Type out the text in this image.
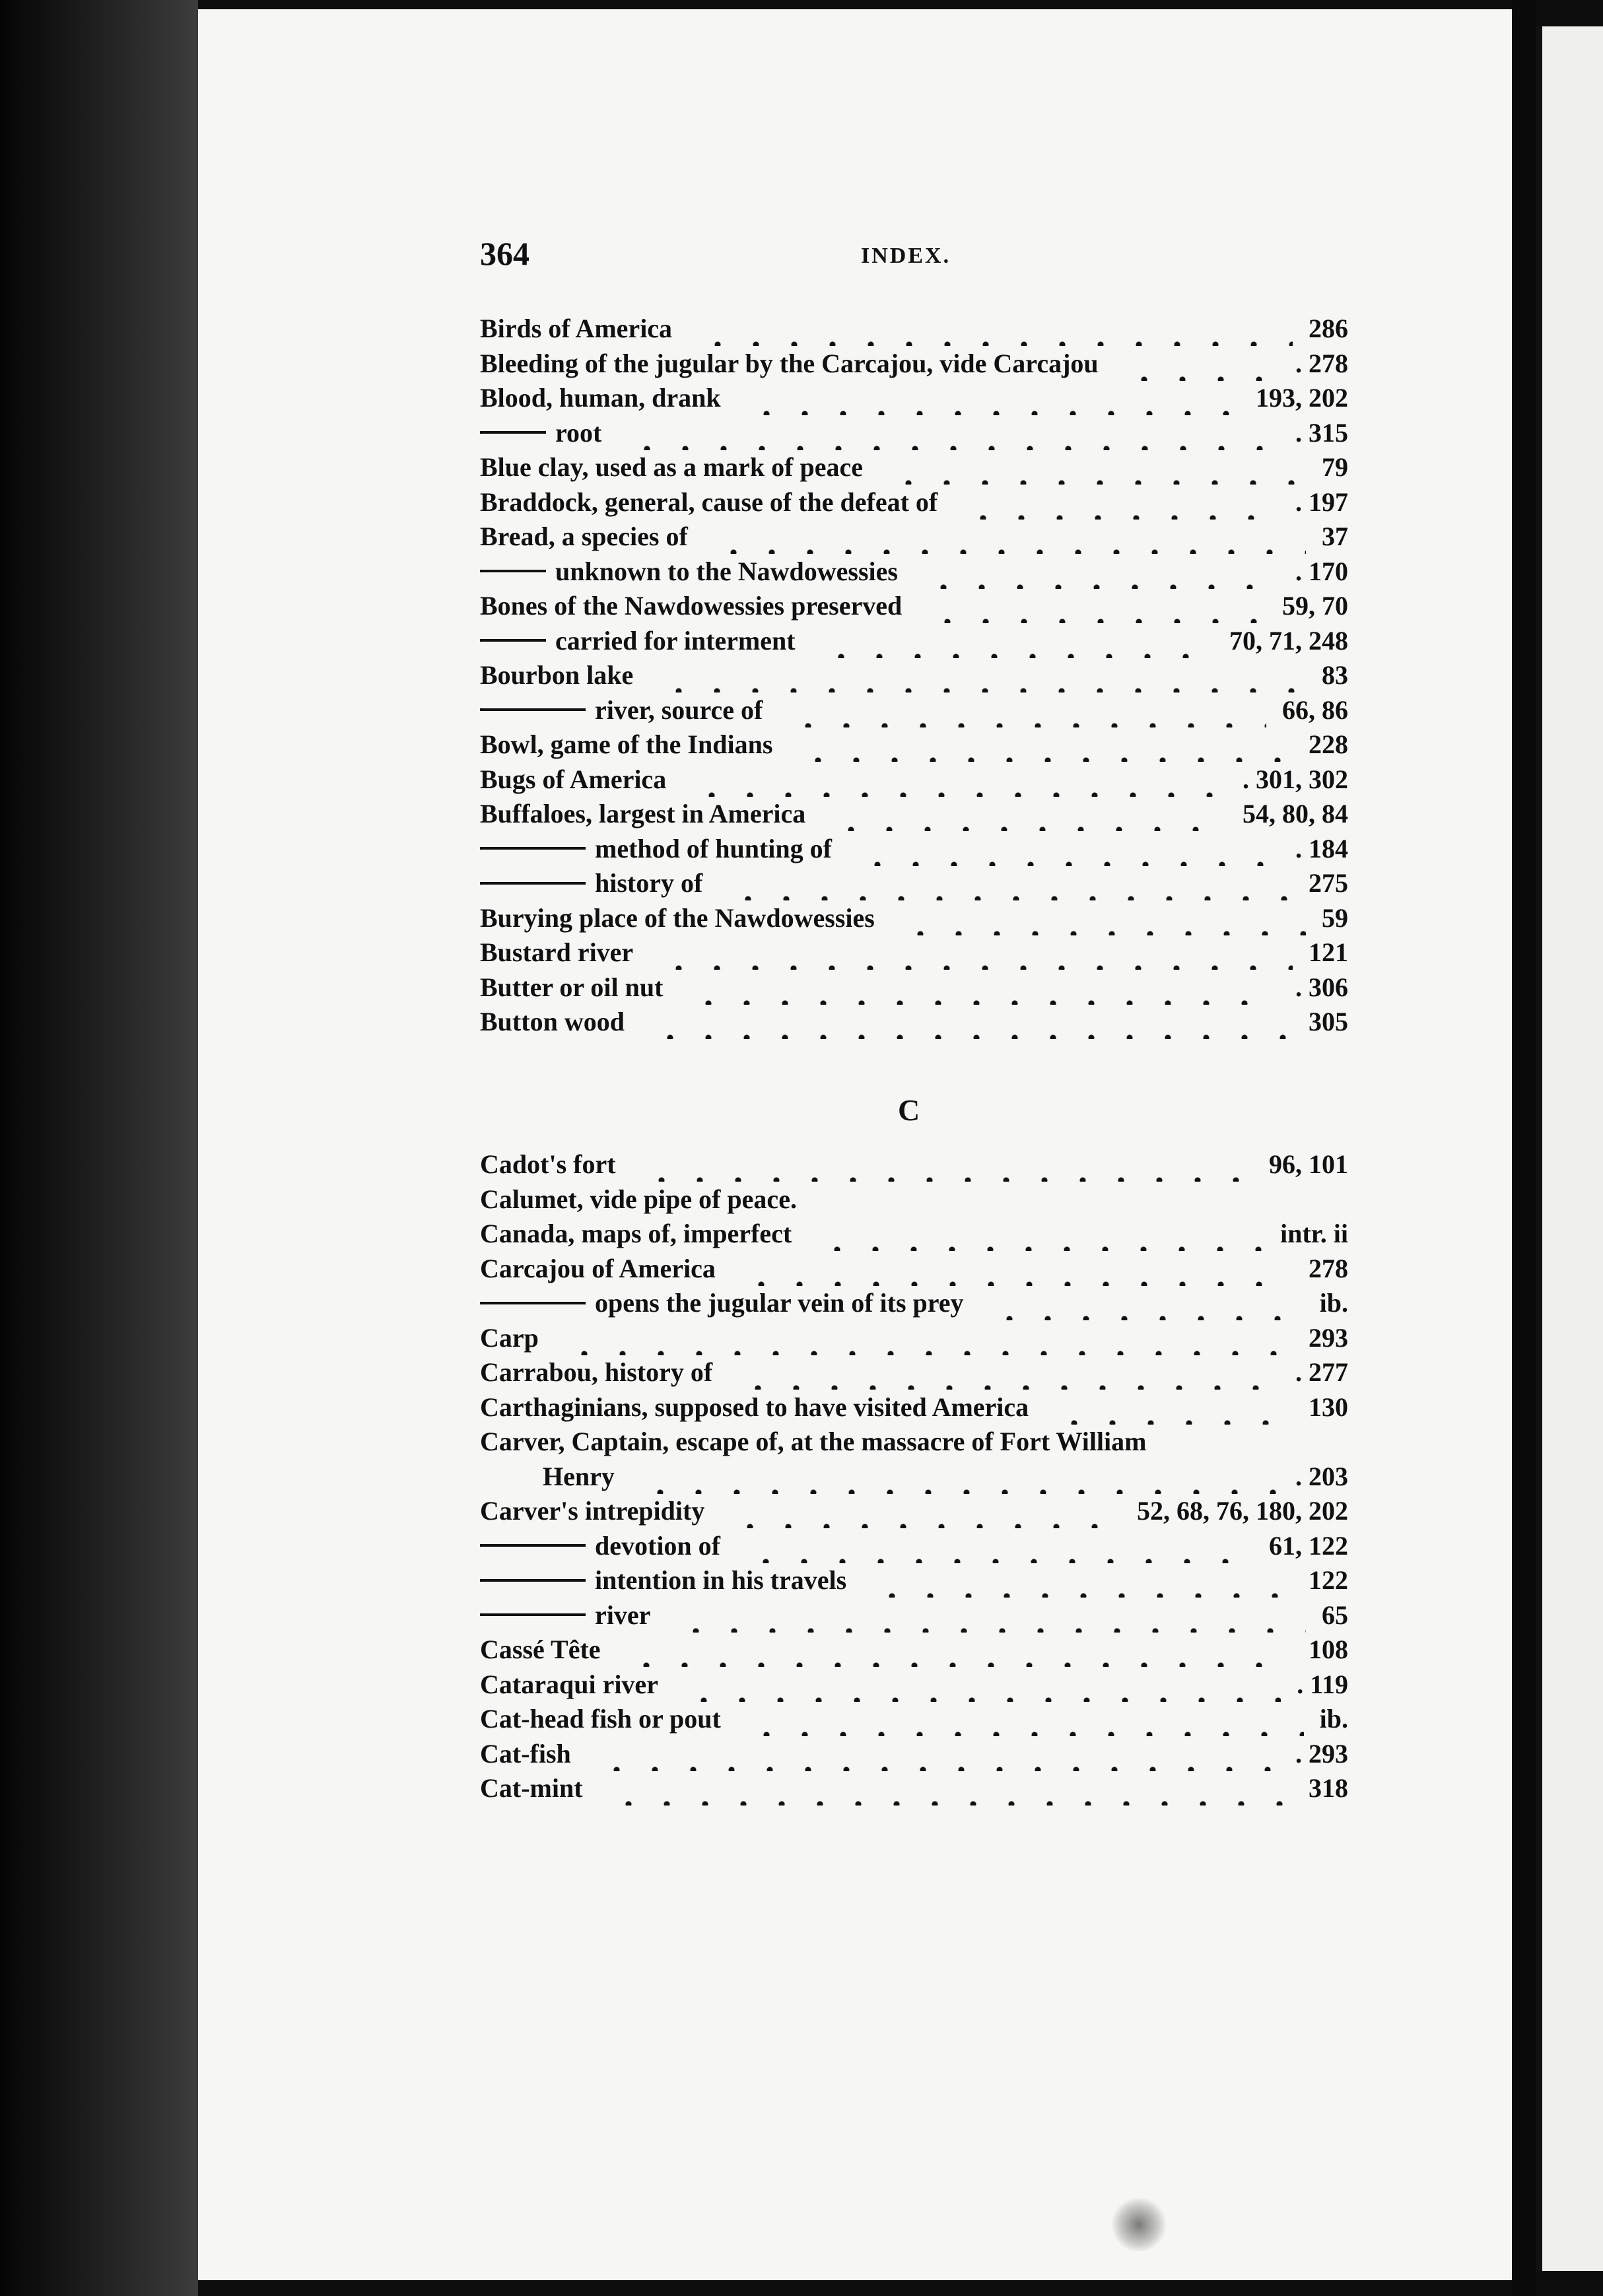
364	INDEX.
Birds of America	286
Bleeding of the jugular by the Carcajou, vide Carcajou	. 278
Blood, human, drank	193, 202
root	. 315
Blue clay, used as a mark of peace	79
Braddock, general, cause of the defeat of	. 197
Bread, a species of	37
unknown to the Nawdowessies	. 170
Bones of the Nawdowessies preserved	59, 70
carried for interment	70, 71, 248
Bourbon lake	83
river, source of	66, 86
Bowl, game of the Indians	228
Bugs of America	. 301, 302
Buffaloes, largest in America	54, 80, 84
method of hunting of	. 184
history of	275
Burying place of the Nawdowessies	59
Bustard river	121
Butter or oil nut	. 306
Button wood	305
C
Cadot's fort	96, 101
Calumet, vide pipe of peace.
Canada, maps of, imperfect	intr. ii
Carcajou of America	278
opens the jugular vein of its prey	ib.
Carp	293
Carrabou, history of	. 277
Carthaginians, supposed to have visited America	130
Carver, Captain, escape of, at the massacre of Fort William
Henry	. 203
Carver's intrepidity	52, 68, 76, 180, 202
devotion of	61, 122
intention in his travels	122
river	65
Cassé Tête	108
Cataraqui river	. 119
Cat-head fish or pout	ib.
Cat-fish	. 293
Cat-mint	318
